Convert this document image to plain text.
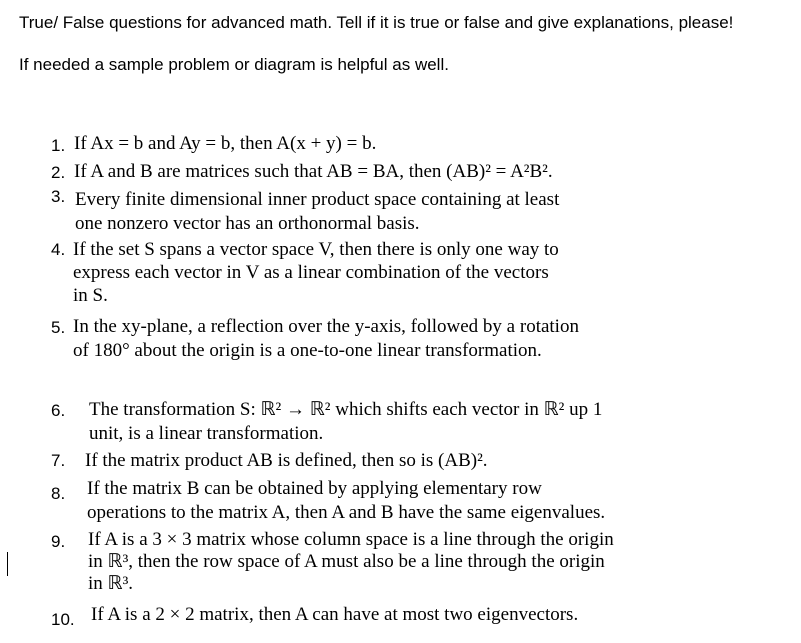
True/ False questions for advanced math. Tell if it is true or false and give explanations, please!
If needed a sample problem or diagram is helpful as well.
1. If Ax = b and Ay = b, then A(x + y) = b.
2. If A and B are matrices such that AB = BA, then (AB)² = A²B².
3. Every finite dimensional inner product space containing at least
one nonzero vector has an orthonormal basis.
4. If the set S spans a vector space V, then there is only one way to
express each vector in V as a linear combination of the vectors
in S.
5. In the xy-plane, a reflection over the y-axis, followed by a rotation
of 180° about the origin is a one-to-one linear transformation.
6. The transformation S: ℝ² → ℝ² which shifts each vector in ℝ² up 1
unit, is a linear transformation.
7. If the matrix product AB is defined, then so is (AB)².
8. If the matrix B can be obtained by applying elementary row
operations to the matrix A, then A and B have the same eigenvalues.
9. If A is a 3 × 3 matrix whose column space is a line through the origin
in ℝ³, then the row space of A must also be a line through the origin
in ℝ³.
10. If A is a 2 × 2 matrix, then A can have at most two eigenvectors.
